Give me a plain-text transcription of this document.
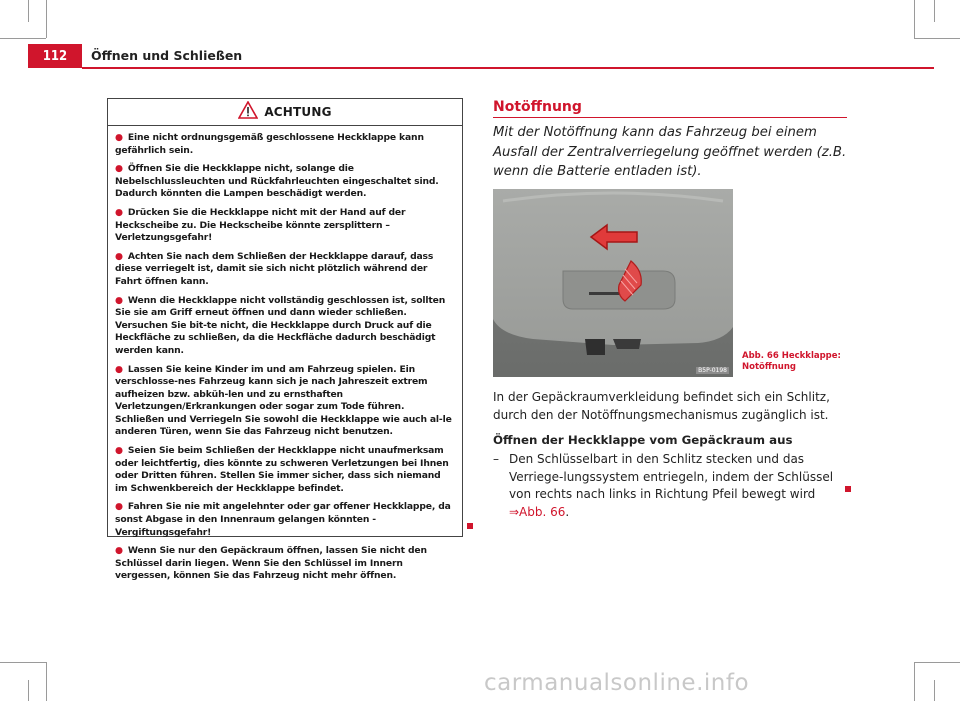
112 Öffnen und Schließen
ACHTUNG
● Eine nicht ordnungsgemäß geschlossene Heckklappe kann gefährlich sein.
● Öffnen Sie die Heckklappe nicht, solange die Nebelschlussleuchten und Rückfahrleuchten eingeschaltet sind. Dadurch könnten die Lampen beschädigt werden.
● Drücken Sie die Heckklappe nicht mit der Hand auf der Heckscheibe zu. Die Heckscheibe könnte zersplittern – Verletzungsgefahr!
● Achten Sie nach dem Schließen der Heckklappe darauf, dass diese verriegelt ist, damit sie sich nicht plötzlich während der Fahrt öffnen kann.
● Wenn die Heckklappe nicht vollständig geschlossen ist, sollten Sie sie am Griff erneut öffnen und dann wieder schließen. Versuchen Sie bit-te nicht, die Heckklappe durch Druck auf die Heckfläche zu schließen, da die Heckfläche dadurch beschädigt werden kann.
● Lassen Sie keine Kinder im und am Fahrzeug spielen. Ein verschlosse-nes Fahrzeug kann sich je nach Jahreszeit extrem aufheizen bzw. abküh-len und zu ernsthaften Verletzungen/Erkrankungen oder sogar zum Tode führen. Schließen und Verriegeln Sie sowohl die Heckklappe wie auch al-le anderen Türen, wenn Sie das Fahrzeug nicht benutzen.
● Seien Sie beim Schließen der Heckklappe nicht unaufmerksam oder leichtfertig, dies könnte zu schweren Verletzungen bei Ihnen oder Dritten führen. Stellen Sie immer sicher, dass sich niemand im Schwenkbereich der Heckklappe befindet.
● Fahren Sie nie mit angelehnter oder gar offener Heckklappe, da sonst Abgase in den Innenraum gelangen könnten - Vergiftungsgefahr!
● Wenn Sie nur den Gepäckraum öffnen, lassen Sie nicht den Schlüssel darin liegen. Wenn Sie den Schlüssel im Innern vergessen, können Sie das Fahrzeug nicht mehr öffnen.
Notöffnung
Mit der Notöffnung kann das Fahrzeug bei einem Ausfall der Zentralverriegelung geöffnet werden (z.B. wenn die Batterie entladen ist).
B5P-0198
Abb. 66 Heckklappe:
Notöffnung
In der Gepäckraumverkleidung befindet sich ein Schlitz, durch den der Notöffnungsmechanismus zugänglich ist.
Öffnen der Heckklappe vom Gepäckraum aus
– Den Schlüsselbart in den Schlitz stecken und das Verriege-lungssystem entriegeln, indem der Schlüssel von rechts nach links in Richtung Pfeil bewegt wird ⇒Abb. 66.
carmanualsonline.info
